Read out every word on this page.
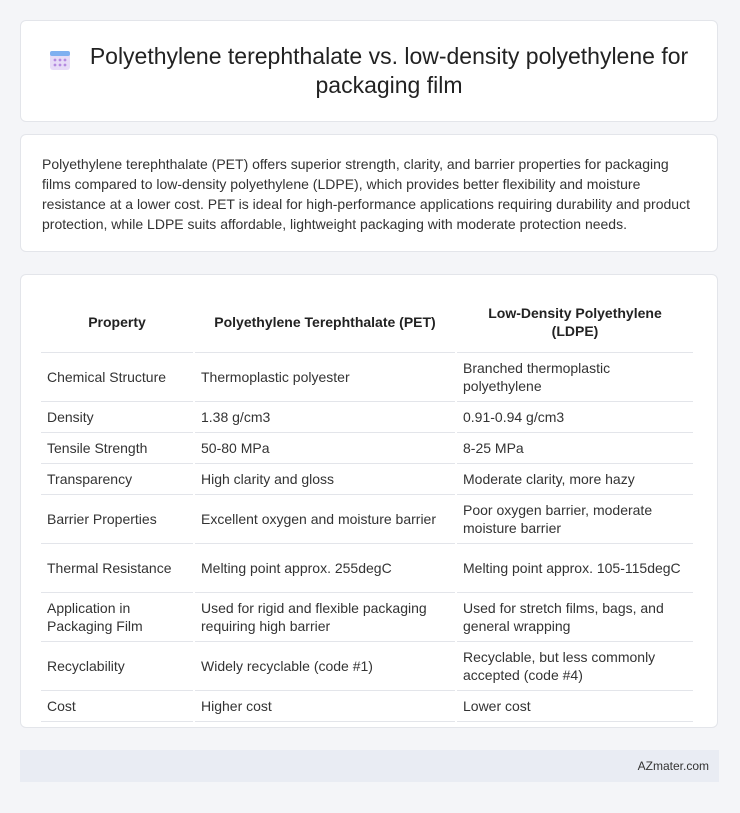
Polyethylene terephthalate vs. low-density polyethylene for packaging film

Polyethylene terephthalate (PET) offers superior strength, clarity, and barrier properties for packaging films compared to low-density polyethylene (LDPE), which provides better flexibility and moisture resistance at a lower cost. PET is ideal for high-performance applications requiring durability and product protection, while LDPE suits affordable, lightweight packaging with moderate protection needs.

Property	Polyethylene Terephthalate (PET)	Low-Density Polyethylene (LDPE)
Chemical Structure	Thermoplastic polyester	Branched thermoplastic polyethylene
Density	1.38 g/cm3	0.91-0.94 g/cm3
Tensile Strength	50-80 MPa	8-25 MPa
Transparency	High clarity and gloss	Moderate clarity, more hazy
Barrier Properties	Excellent oxygen and moisture barrier	Poor oxygen barrier, moderate moisture barrier
Thermal Resistance	Melting point approx. 255degC	Melting point approx. 105-115degC
Application in Packaging Film	Used for rigid and flexible packaging requiring high barrier	Used for stretch films, bags, and general wrapping
Recyclability	Widely recyclable (code #1)	Recyclable, but less commonly accepted (code #4)
Cost	Higher cost	Lower cost
AZmater.com
